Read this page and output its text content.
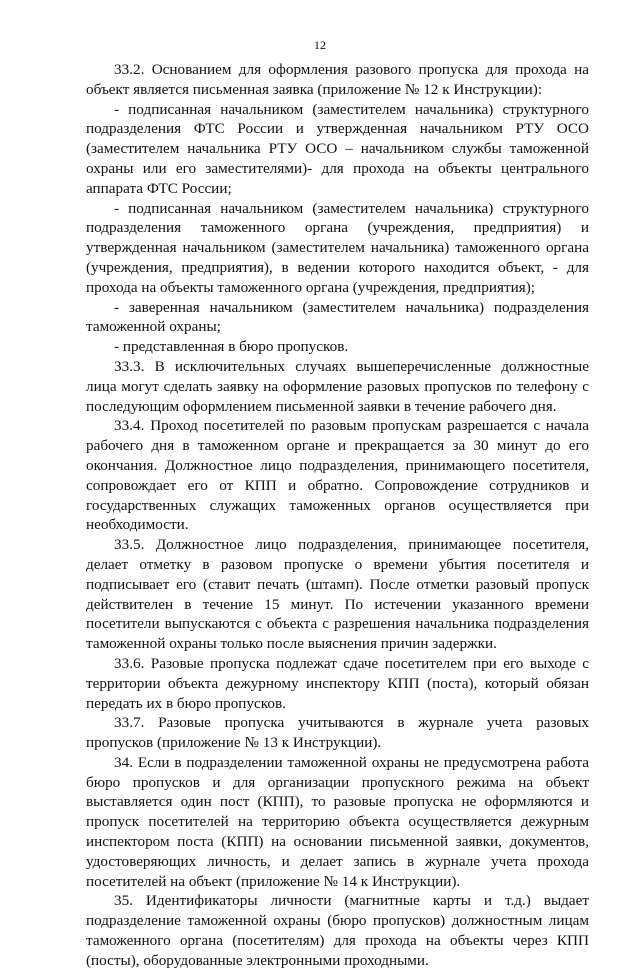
12

33.2. Основанием для оформления разового пропуска для прохода на объект является письменная заявка (приложение № 12 к Инструкции):

- подписанная начальником (заместителем начальника) структурного подразделения ФТС России и утвержденная начальником РТУ ОСО (заместителем начальника РТУ ОСО – начальником службы таможенной охраны или его заместителями)- для прохода на объекты центрального аппарата ФТС России;

- подписанная начальником (заместителем начальника) структурного подразделения таможенного органа (учреждения, предприятия) и утвержденная начальником (заместителем начальника) таможенного органа (учреждения, предприятия), в ведении которого находится объект, - для прохода на объекты таможенного органа (учреждения, предприятия);

- заверенная начальником (заместителем начальника) подразделения таможенной охраны;

- представленная в бюро пропусков.

33.3. В исключительных случаях вышеперечисленные должностные лица могут сделать заявку на оформление разовых пропусков по телефону с последующим оформлением письменной заявки в течение рабочего дня.

33.4. Проход посетителей по разовым пропускам разрешается с начала рабочего дня в таможенном органе и прекращается за 30 минут до его окончания. Должностное лицо подразделения, принимающего посетителя, сопровождает его от КПП и обратно. Сопровождение сотрудников и государственных служащих таможенных органов осуществляется при необходимости.

33.5. Должностное лицо подразделения, принимающее посетителя, делает отметку в разовом пропуске о времени убытия посетителя и подписывает его (ставит печать (штамп). После отметки разовый пропуск действителен в течение 15 минут. По истечении указанного времени посетители выпускаются с объекта с разрешения начальника подразделения таможенной охраны только после выяснения причин задержки.

33.6. Разовые пропуска подлежат сдаче посетителем при его выходе с территории объекта дежурному инспектору КПП (поста), который обязан передать их в бюро пропусков.

33.7. Разовые пропуска учитываются в журнале учета разовых пропусков (приложение № 13 к Инструкции).

34. Если в подразделении таможенной охраны не предусмотрена работа бюро пропусков и для организации пропускного режима на объект выставляется один пост (КПП), то разовые пропуска не оформляются и пропуск посетителей на территорию объекта осуществляется дежурным инспектором поста (КПП) на основании письменной заявки, документов, удостоверяющих личность, и делает запись в журнале учета прохода посетителей на объект (приложение № 14 к Инструкции).

35. Идентификаторы личности (магнитные карты и т.д.) выдает подразделение таможенной охраны (бюро пропусков) должностным лицам таможенного органа (посетителям) для прохода на объекты через КПП (посты), оборудованные электронными проходными.
